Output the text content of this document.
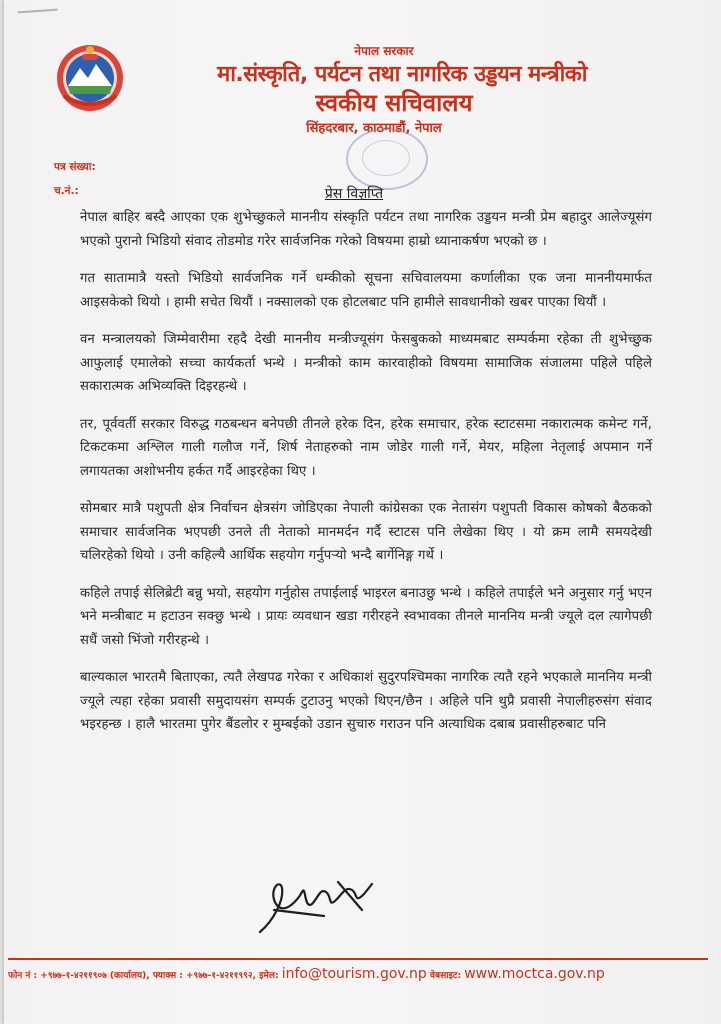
नेपाल सरकार
मा.संस्कृति, पर्यटन तथा नागरिक उड्डयन मन्त्रीको
स्वकीय सचिवालय
सिंहदरबार, काठमाडौं, नेपाल
पत्र संख्या:
च.नं.:	प्रेस विज्ञप्ति

नेपाल बाहिर बस्दै आएका एक शुभेच्छुकले माननीय संस्कृति पर्यटन तथा नागरिक उड्डयन मन्त्री प्रेम बहादुर आलेज्यूसंग भएको पुरानो भिडियो संवाद तोडमोड गरेर सार्वजनिक गरेको विषयमा हाम्रो ध्यानाकर्षण भएको छ ।

गत सातामात्रै यस्तो भिडियो सार्वजनिक गर्ने धम्कीको सूचना सचिवालयमा कर्णालीका एक जना माननीयमार्फत आइसकेको थियो । हामी सचेत थियौं । नक्सालको एक होटलबाट पनि हामीले सावधानीको खबर पाएका थियौं ।

वन मन्त्रालयको जिम्मेवारीमा रहदै देखी माननीय मन्त्रीज्यूसंग फेसबुकको माध्यमबाट सम्पर्कमा रहेका ती शुभेच्छुक आफुलाई एमालेको सच्चा कार्यकर्ता भन्थे । मन्त्रीको काम कारवाहीको विषयमा सामाजिक संजालमा पहिले पहिले सकारात्मक अभिव्यक्ति दिइरहन्थे ।

तर, पूर्ववर्ती सरकार विरुद्ध गठबन्धन बनेपछी तीनले हरेक दिन, हरेक समाचार, हरेक स्टाटसमा नकारात्मक कमेन्ट गर्ने, टिकटकमा अश्लिल गाली गलौज गर्ने, शिर्ष नेताहरुको नाम जोडेर गाली गर्ने, मेयर, महिला नेतृलाई अपमान गर्ने लगायतका अशोभनीय हर्कत गर्दै आइरहेका थिए ।

सोमबार मात्रै पशुपती क्षेत्र निर्वाचन क्षेत्रसंग जोडिएका नेपाली कांग्रेसका एक नेतासंग पशुपती विकास कोषको बैठकको समाचार सार्वजनिक भएपछी उनले ती नेताको मानमर्दन गर्दै स्टाटस पनि लेखेका थिए । यो क्रम लामै समयदेखी चलिरहेको थियो । उनी कहिल्यै आर्थिक सहयोग गर्नुपर्‍यो भन्दै बार्गेनिङ्ग गर्थे ।

कहिले तपाई सेलिब्रेटी बन्नु भयो, सहयोग गर्नुहोस तपाईलाई भाइरल बनाउछु भन्थे । कहिले तपाईले भने अनुसार गर्नु भएन भने मन्त्रीबाट म हटाउन सक्छु भन्थे । प्रायः व्यवधान खडा गरीरहने स्वभावका तीनले माननिय मन्त्री ज्यूले दल त्यागेपछी सधैं जसो भिंजो गरीरहन्थे ।

बाल्यकाल भारतमै बिताएका, त्यतै लेखपढ गरेका र अधिकाशं सुदुरपश्चिमका नागरिक त्यतै रहने भएकाले माननिय मन्त्री ज्यूले त्यहा रहेका प्रवासी समुदायसंग सम्पर्क टुटाउनु भएको थिएन/छैन । अहिले पनि थुप्रै प्रवासी नेपालीहरुसंग संवाद भइरहन्छ । हालै भारतमा पुगेर बैंडलोर र मुम्बईको उडान सुचारु गराउन पनि अत्याधिक दबाब प्रवासीहरुबाट पनि

फोन नं : +९७७-१-४२११९०७ (कार्यालय), फ्याक्स : +९७७-१-४२११९९२, इमेल: info@tourism.gov.np वेबसाइट: www.moctca.gov.np
